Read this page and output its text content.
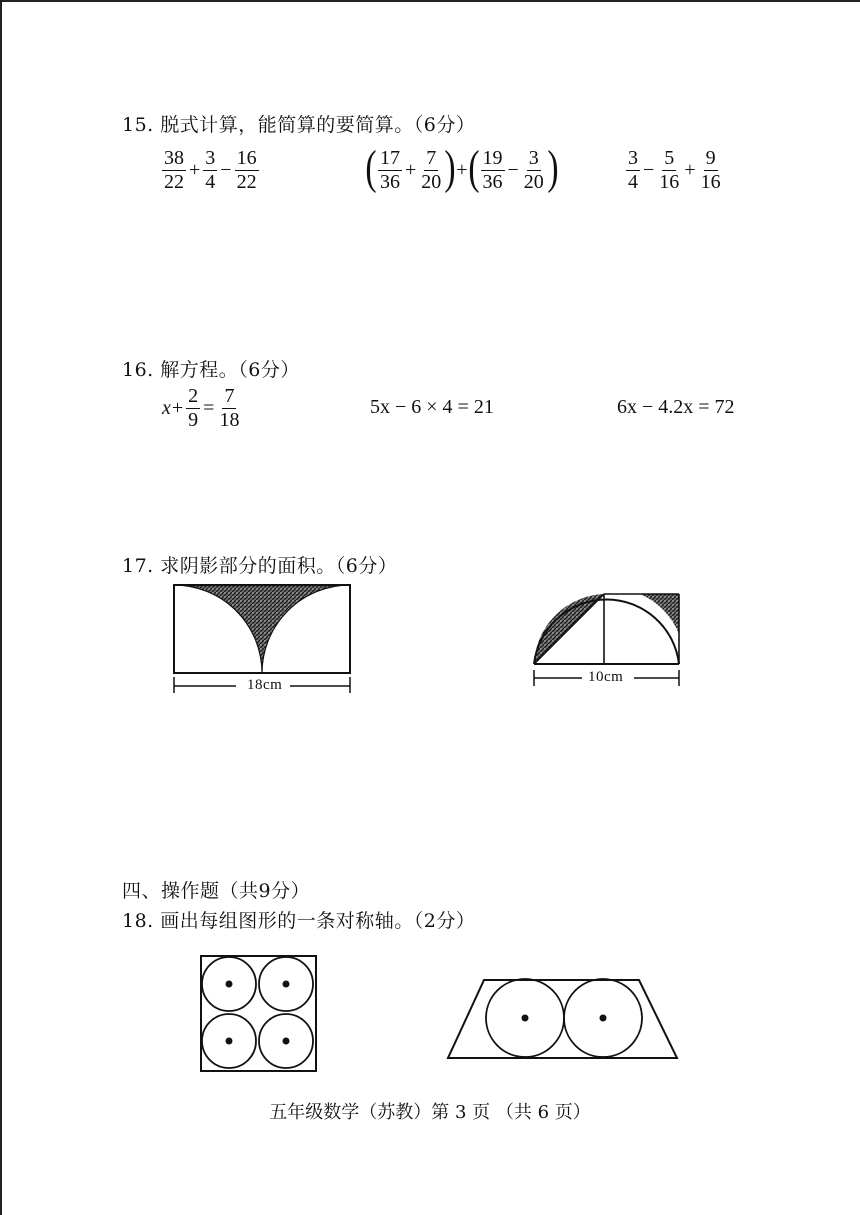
15. 脱式计算，能简算的要简算。（6分）
$\frac{38}{22} + \frac{3}{4} - \frac{16}{22}$ ( $\frac{17}{36} + \frac{7}{20}$ ) + ( $\frac{19}{36} - \frac{3}{20}$ )	$\frac{3}{4} - \frac{5}{16} + \frac{9}{16}$
16. 解方程。（6分）
$x + \frac{2}{9} = \frac{7}{18}$	5x − 6 × 4 = 21	6x − 4.2x = 72
17. 求阴影部分的面积。（6分）
18cm	10cm
四、操作题（共9分）
18. 画出每组图形的一条对称轴。（2分）
五年级数学（苏教）第 3 页 （共 6 页）
